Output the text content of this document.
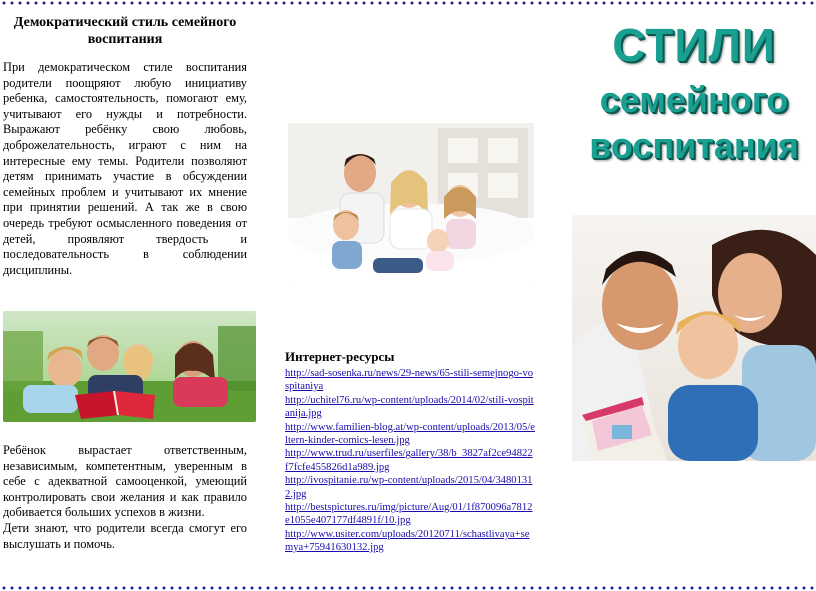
Демократический стиль семейного воспитания

При демократическом стиле воспитания родители поощряют любую инициативу ребенка, самостоятельность, помогают ему, учитывают его нужды и потребности. Выражают ребёнку свою любовь, доброжелательность, играют с ним на интересные ему темы. Родители позволяют детям принимать участие в обсуждении семейных проблем и учитывают их мнение при принятии решений. А так же в свою очередь требуют осмысленного поведения от детей, проявляют твердость и последовательность в соблюдении дисциплины.

Ребёнок вырастает ответственным, независимым, компетентным, уверенным в себе с адекватной самооценкой, умеющий контролировать свои желания и как правило добивается больших успехов в жизни.

Дети знают, что родители всегда смогут его выслушать и помочь.

Интернет-ресурсы
http://sad-sosenka.ru/news/29-news/65-stili-semejnogo-vospitaniya
http://uchitel76.ru/wp-content/uploads/2014/02/stili-vospitanija.jpg
http://www.familien-blog.at/wp-content/uploads/2013/05/eltern-kinder-comics-lesen.jpg
http://www.trud.ru/userfiles/gallery/38/b_3827af2ce94822f7fcfe455826d1a989.jpg
http://ivospitanie.ru/wp-content/uploads/2015/04/34801312.jpg
http://bestspictures.ru/img/picture/Aug/01/1f870096a7812e1055e407177df4891f/10.jpg
http://www.usiter.com/uploads/20120711/schastlivaya+semya+75941630132.jpg
СТИЛИ
семейного
воспитания
